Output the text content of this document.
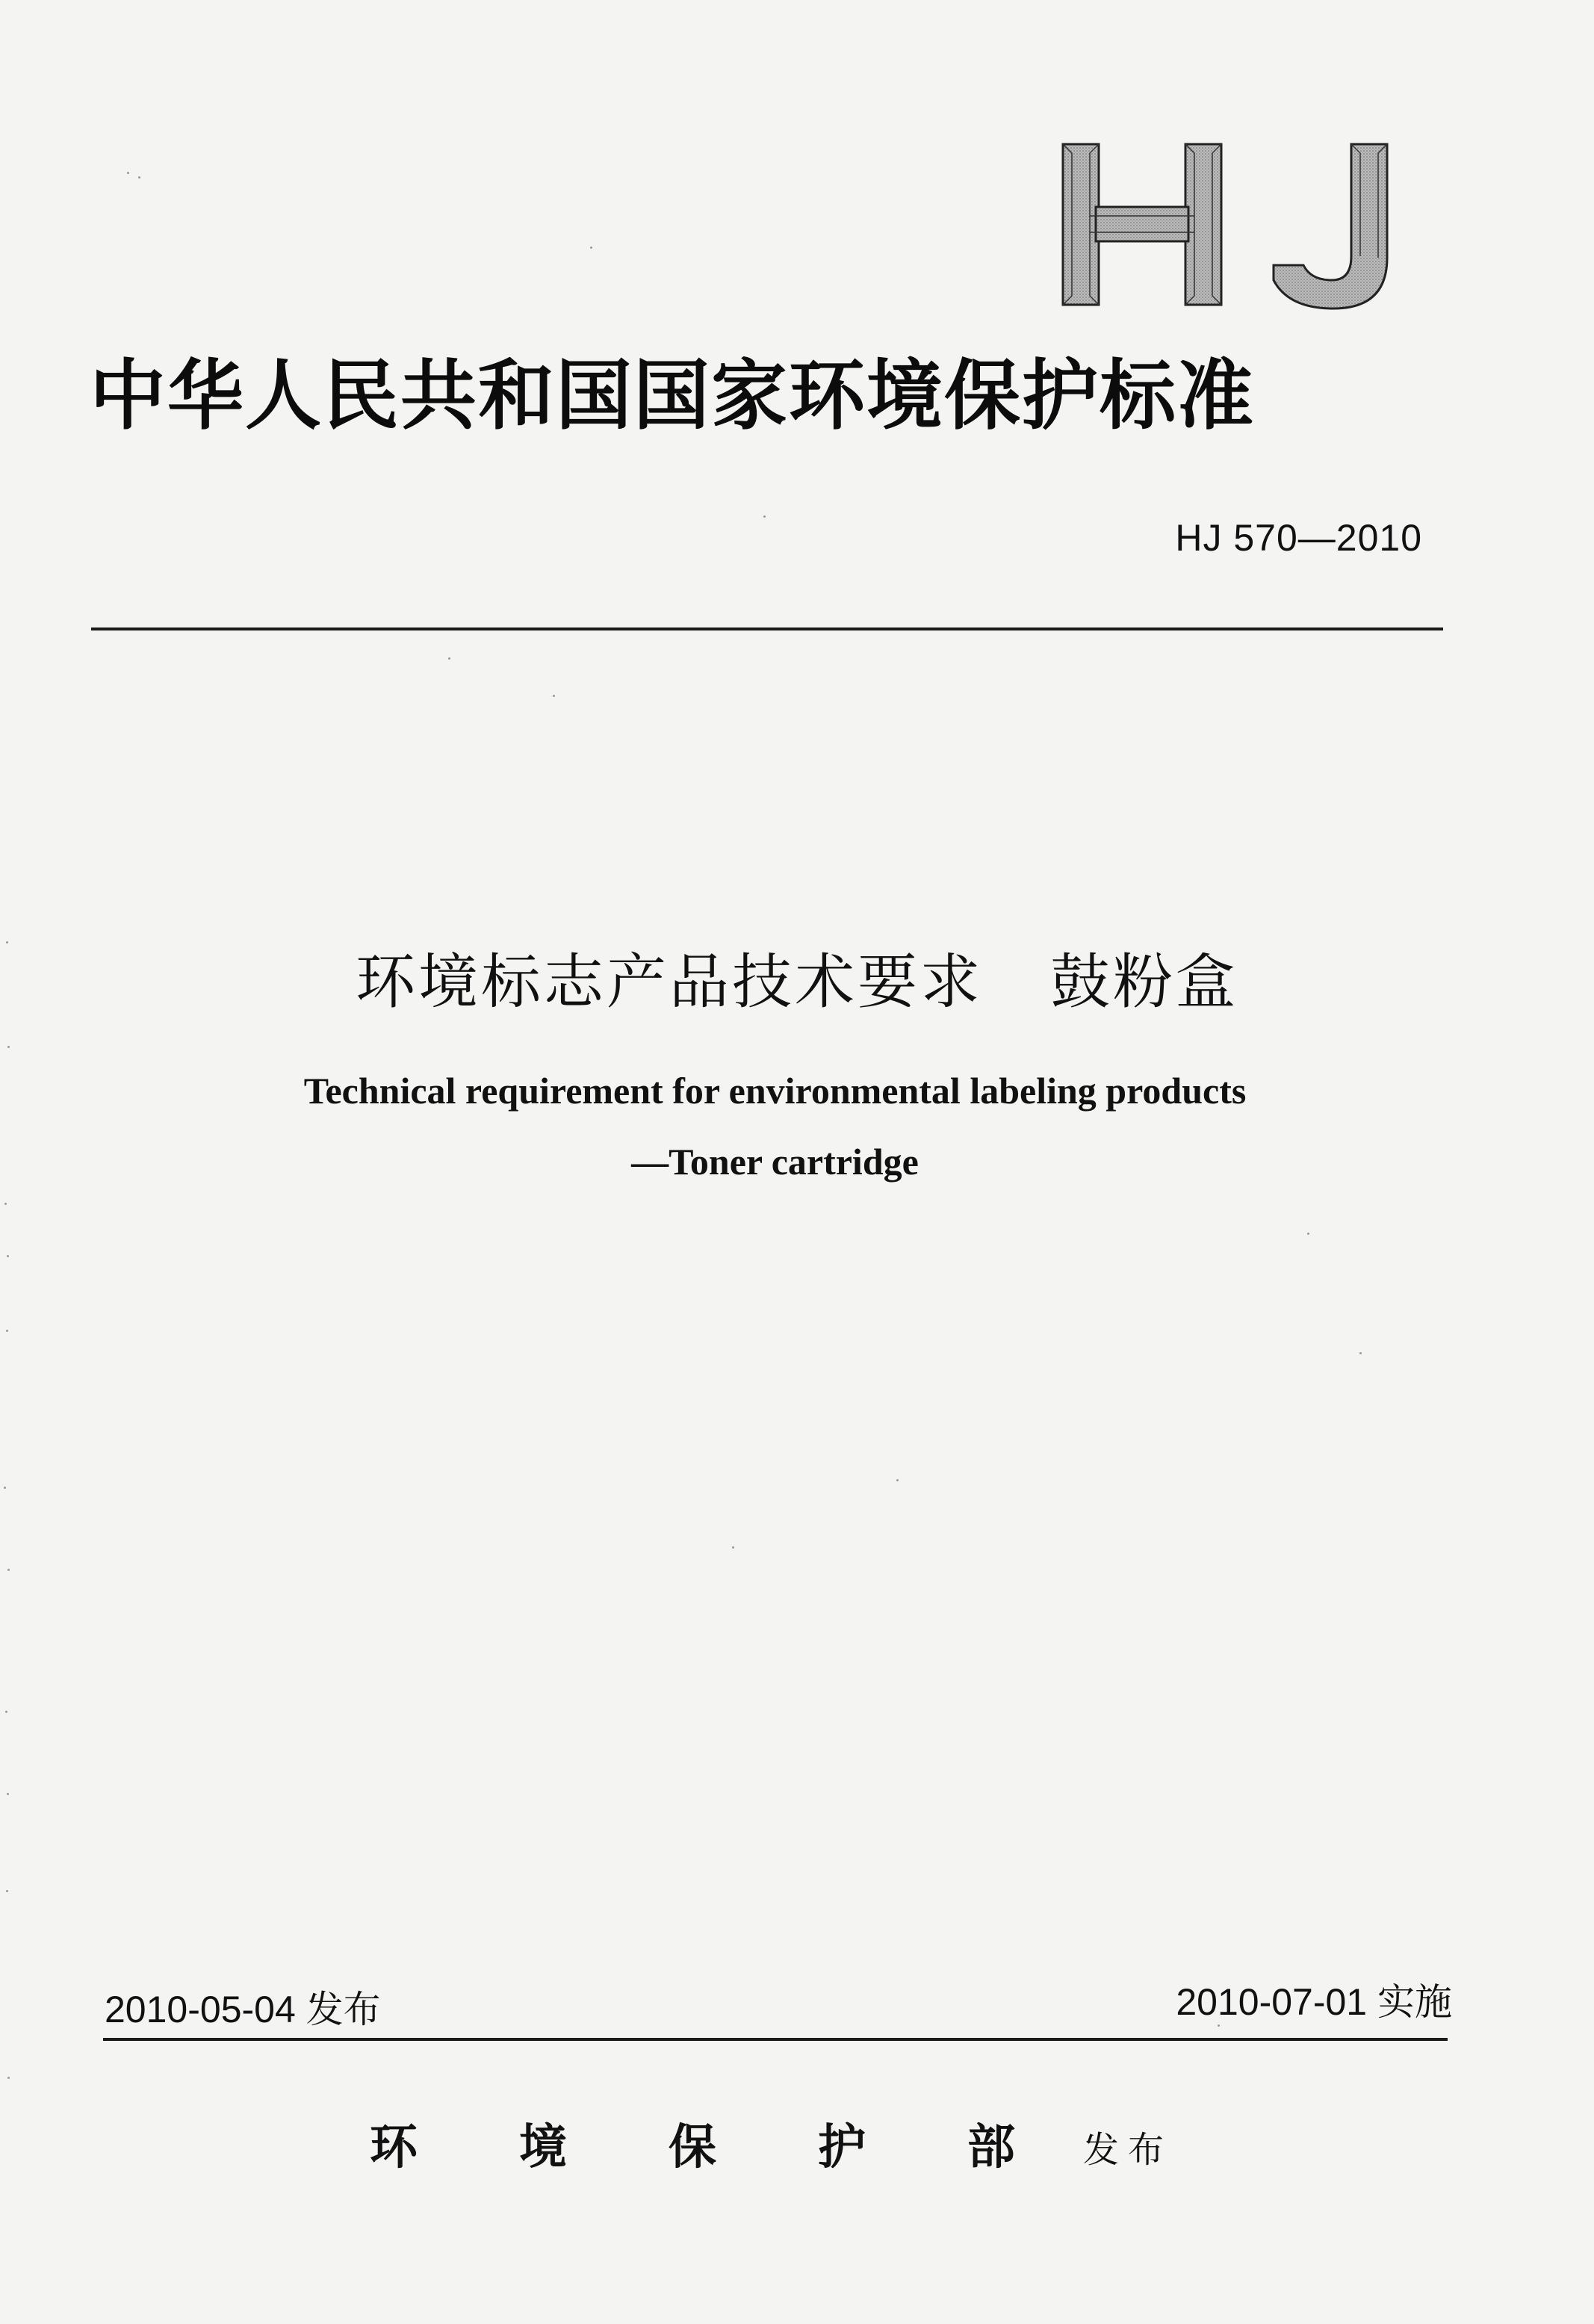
中华人民共和国国家环境保护标准
HJ 570—2010
环境标志产品技术要求 鼓粉盒
Technical requirement for environmental labeling products
—Toner cartridge
2010-05-04 发布	2010-07-01 实施
环 境 保 护 部 发布
